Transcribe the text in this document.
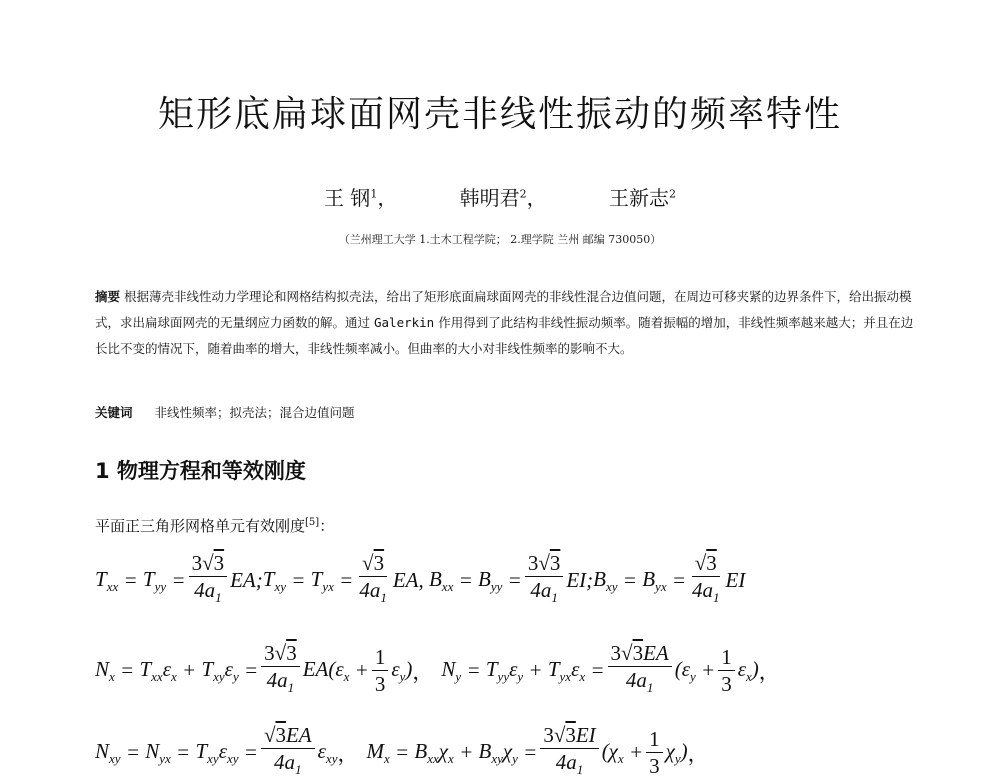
矩形底扁球面网壳非线性振动的频率特性
王 钢$^1$，	韩明君$^2$，	王新志$^2$
（兰州理工大学 1.土木工程学院； 2.理学院 兰州 邮编 730050）
摘要 根据薄壳非线性动力学理论和网格结构拟壳法，给出了矩形底面扁球面网壳的非线性混合边值问题，在周边可移夹紧的边界条件下，给出振动模式，求出扁球面网壳的无量纲应力函数的解。通过 Galerkin 作用得到了此结构非线性振动频率。随着振幅的增加，非线性频率越来越大；并且在边长比不变的情况下，随着曲率的增大，非线性频率减小。但曲率的大小对非线性频率的影响不大。
关键词 非线性频率；拟壳法；混合边值问题
1 物理方程和等效刚度
平面正三角形网格单元有效刚度[5]：
$T_{xx} = T_{yy} = \frac{3√3}{4a_1}$ EA; $T_{xy} = T_{yx} = \frac{√3}{4a_1}$ EA ,
$B_{xx} = B_{yy} = \frac{3√3}{4a_1}$ EI; $B_{xy} = B_{yx} = \frac{√3}{4a_1}$ EI
$N_x = T_{xx}\varepsilon_x + T_{xy}\varepsilon_y = \frac{3√3}{4a_1} EA(\varepsilon_x + \frac{1}{3} \varepsilon_y)$ ， $N_y = T_{yy}\varepsilon_y + T_{yx}\varepsilon_x = \frac{3√3EA}{4a_1} (\varepsilon_y + \frac{1}{3} \varepsilon_x)$ ，
$N_{xy} = N_{yx} = T_{xy}\varepsilon_{xy} = \frac{√3EA}{4a_1} \varepsilon_{xy}$ ， $M_x = B_{xx}\chi_x + B_{xy}\chi_y = \frac{3√3EI}{4a_1} (\chi_x + \frac{1}{3} \chi_y)$ ，
